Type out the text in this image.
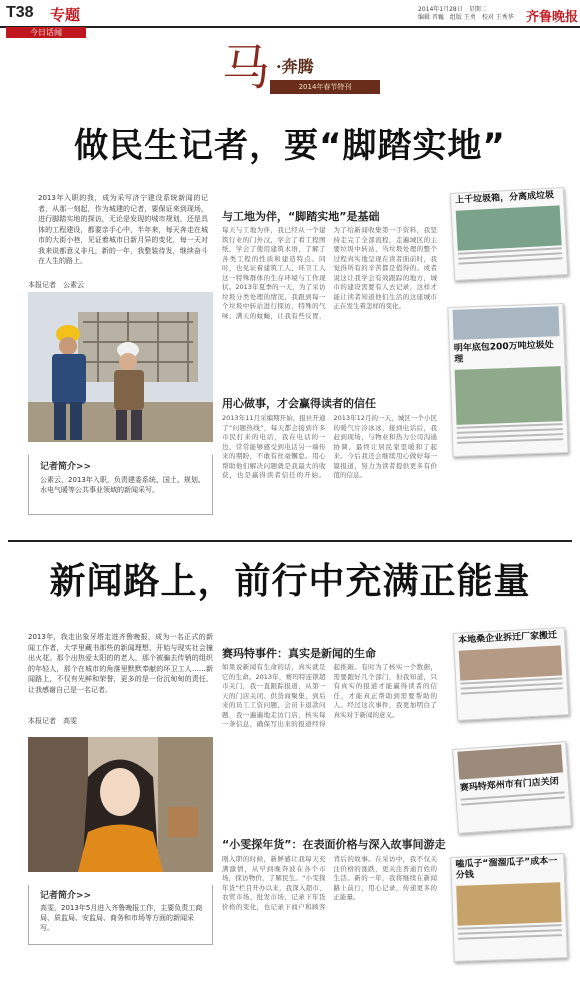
T38 专题
今日话闻
2014年1月28日　星期二
编辑 晋巍　组版 王勇　校对 王秀华 齐鲁晚报
马 ·奔腾
2014年春节特刊
做民生记者，要“脚踏实地”
2013年入职的我，成为采写济宁建设系统新闻的记者，从那一刻起，作为城建的记者，要保证来到现场，进行脚踏实地的探访，无论是发现的城市规划，还是具体的工程建设，都要亲手心中，半年来，每天奔走在城市的大街小巷，见证着城市日新月异的变化，每一天对我来说都意义非凡，新的一年，我整装待发，继续奋斗在人生的路上。
本报记者　公素云
记者简介>>
公素云，2013年入职，负责建委系统、国土、规划、水电气暖等公共事业领域的新闻采写。
与工地为伴，“脚踏实地”是基础
每天与工地为伴，我已经从一个建筑行业的门外汉，学会了看工程图纸，学会了使用建筑术语，了解了各类工程的性质和建造特点。同时，也见证着建筑工人、环卫工人这一特殊群体的生存环境与工作现状。2013年夏季的一天，为了采访垃圾分类处理的情况，我跟到每一个垃圾中转站进行探访，特殊的气味、满天的蚊蝇，让我有些反胃，为了给新闻收集第一手资料，我坚持走完了全部流程，走遍城区的主要垃圾中转站，当垃圾处理的整个过程真实地呈现在读者面前时，我觉得所有的辛苦都是值得的。或者说这让我学会有效跟踪的地方，城市的建设需要有人去记录，这样才能让读者知道他们生活的这座城市正在发生着怎样的变化。
用心做事，才会赢得读者的信任
2013年11月采编期开始，报社开通了“问题热线”，每天都会接到许多市民打来的电话，我在电话的一边，常常能够感受到电话另一端传来的期盼，不敢有丝毫懈怠。用心帮助他们解决问题就是我最大的收获，也是赢得读者信任的开始。2013年12月的一天，城区一个小区的暖气片冷冰冰，接到电话后，我赶到现场，与物业和热力公司沟通协调，最终让居民家里暖和了起来。今后我还会继续用心做好每一篇报道，努力为读者提供更多有价值的信息。
上千垃圾箱，分离成垃圾
明年底包200万吨垃圾处理
新闻路上，前行中充满正能量
2013年，我走出象牙塔走进齐鲁晚报，成为一名正式的新闻工作者，大学里藏书那些的新闻理想，开始与现实社会撞出火花。那个出热爱太阳的的老人，那个被骗去传销的组织的年轻人，那个在城市的角落里默默奉献的环卫工人……新闻路上，不仅有光鲜和荣誉，更多的是一份沉甸甸的责任，让我感谢自己是一名记者。
本报记者　高雯
记者简介>>
高雯，2013年5月进入齐鲁晚报工作，主要负责工商局、质监局、安监局、商务和市场等方面的新闻采写。
赛玛特事件：真实是新闻的生命
如果说新闻有生命的话，真实就是它的生命。2013年，赛玛特连锁超市关门，我一直跟踪报道，从第一天的门店关闭、供货商聚集，到后来的员工工资问题、会员卡退款问题，我一遍遍地走访门店，核实每一条信息，确保写出来的报道经得起推敲。有时为了核实一个数据，需要跑好几个部门，但我知道，只有真实的报道才能赢得读者的信任，才能真正帮助到需要帮助的人。经过这次事件，我更加明白了真实对于新闻的意义。
“小雯探年货”：在表面价格与深入故事间游走
刚入职的时候，新鲜感让我每天充满激情，从早到晚奔波在各个市场，探访物价，了解民生。“小雯探年货”栏目开办以来，我深入超市、农贸市场、批发市场，记录下年货价格的变化，也记录下商户和顾客背后的故事。在采访中，我不仅关注价格的涨跌，更关注普通百姓的生活。新的一年，我将继续在新闻路上前行，用心记录，传递更多的正能量。
本地桑企业拆迁厂家搬迁
赛玛特郑州市有门店关闭
嗑瓜子“溜溜瓜子”成本一分钱
